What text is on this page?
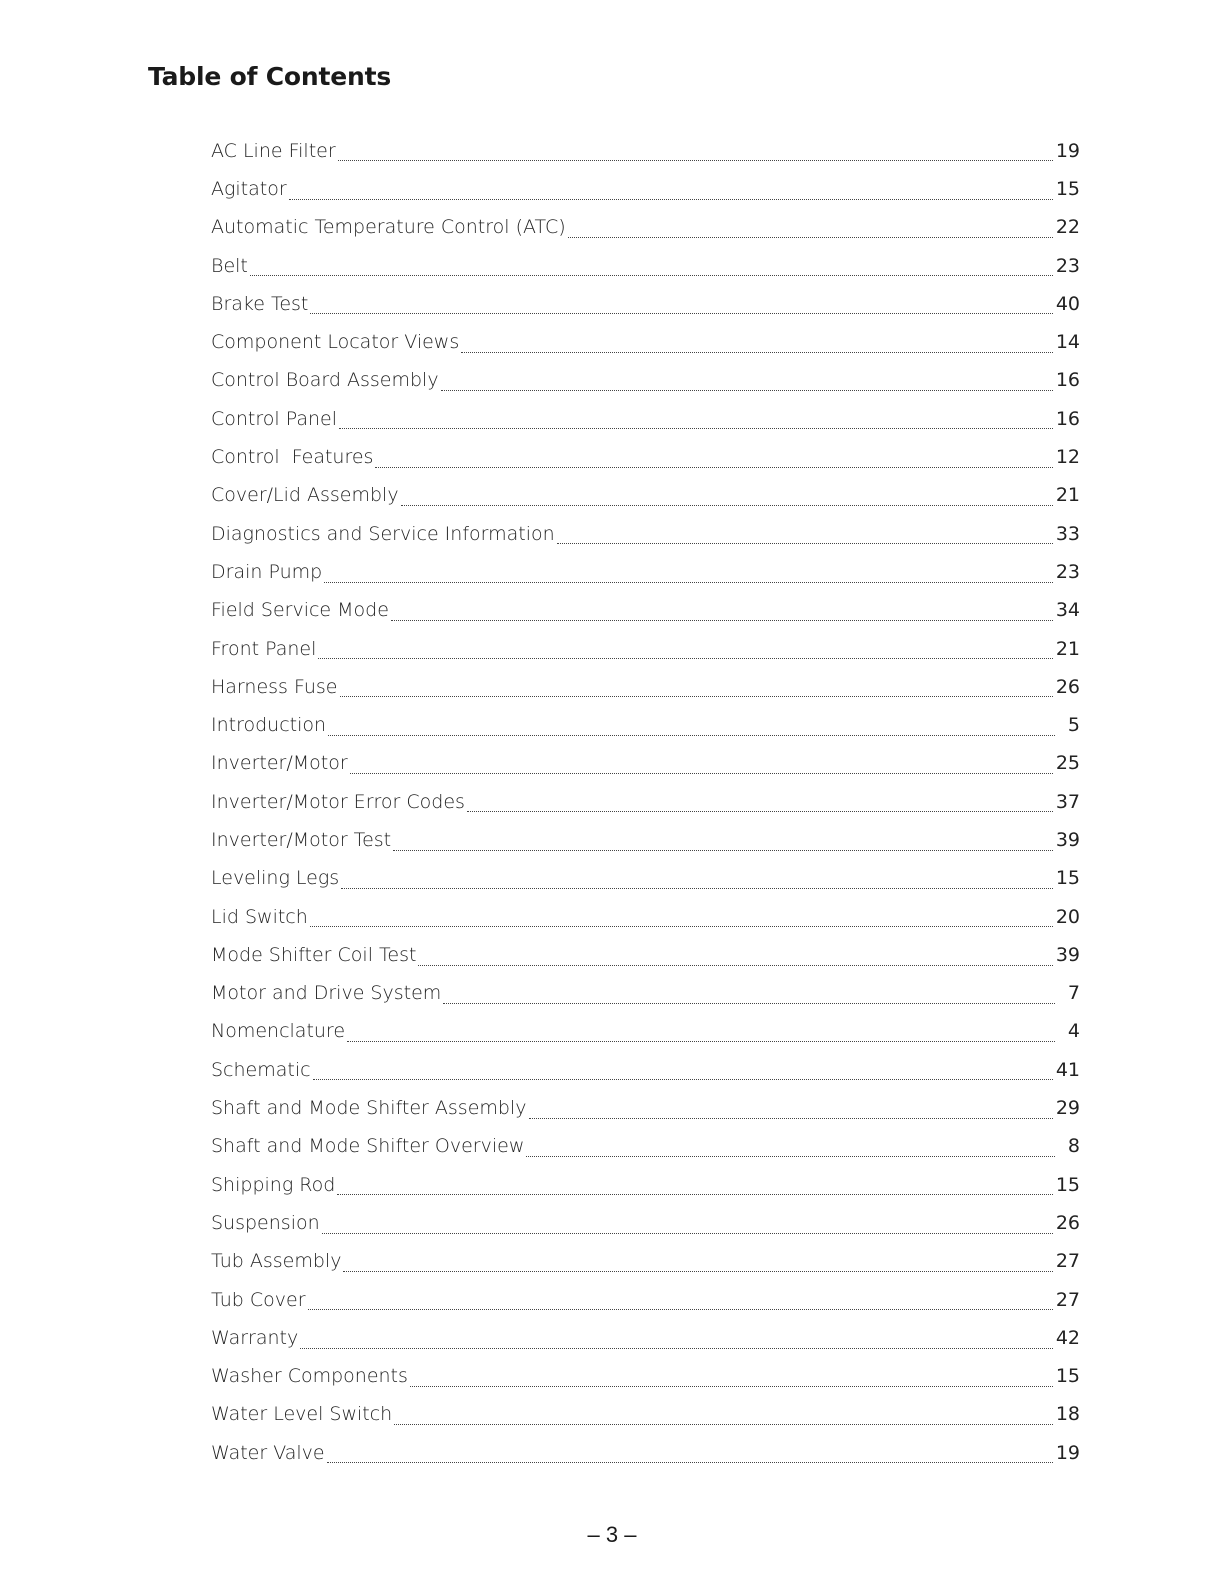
Table of Contents
AC Line Filter	19
Agitator	15
Automatic Temperature Control (ATC)	22
Belt	23
Brake Test	40
Component Locator Views	14
Control Board Assembly	16
Control Panel	16
Control  Features	12
Cover/Lid Assembly	21
Diagnostics and Service Information	33
Drain Pump	23
Field Service Mode	34
Front Panel	21
Harness Fuse	26
Introduction	5
Inverter/Motor	25
Inverter/Motor Error Codes	37
Inverter/Motor Test	39
Leveling Legs	15
Lid Switch	20
Mode Shifter Coil Test	39
Motor and Drive System	7
Nomenclature	4
Schematic	41
Shaft and Mode Shifter Assembly	29
Shaft and Mode Shifter Overview	8
Shipping Rod	15
Suspension	26
Tub Assembly	27
Tub Cover	27
Warranty	42
Washer Components	15
Water Level Switch	18
Water Valve	19
– 3 –
